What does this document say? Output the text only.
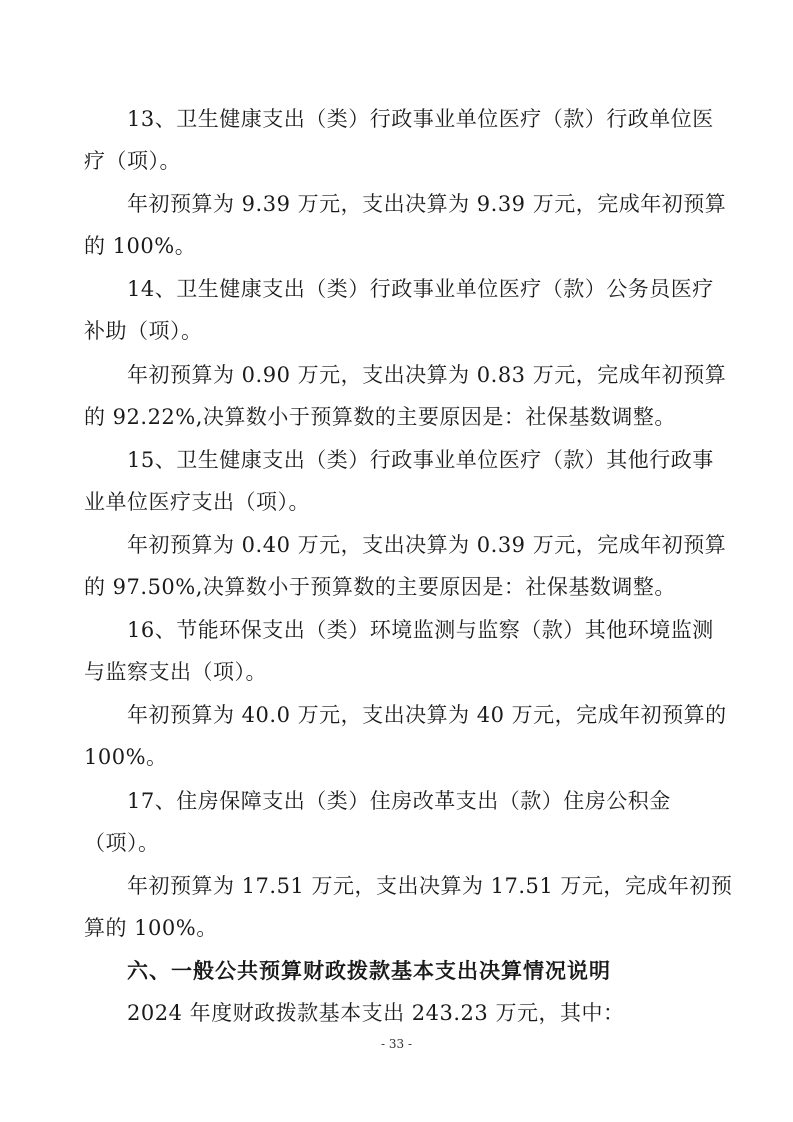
13、卫生健康支出（类）行政事业单位医疗（款）行政单位医
疗（项）。
年初预算为 9.39 万元，支出决算为 9.39 万元，完成年初预算
的 100%。
14、卫生健康支出（类）行政事业单位医疗（款）公务员医疗
补助（项）。
年初预算为 0.90 万元，支出决算为 0.83 万元，完成年初预算
的 92.22%,决算数小于预算数的主要原因是：社保基数调整。
15、卫生健康支出（类）行政事业单位医疗（款）其他行政事
业单位医疗支出（项）。
年初预算为 0.40 万元，支出决算为 0.39 万元，完成年初预算
的 97.50%,决算数小于预算数的主要原因是：社保基数调整。
16、节能环保支出（类）环境监测与监察（款）其他环境监测
与监察支出（项）。
年初预算为 40.0 万元，支出决算为 40 万元，完成年初预算的
100%。
17、住房保障支出（类）住房改革支出（款）住房公积金
（项）。
年初预算为 17.51 万元，支出决算为 17.51 万元，完成年初预
算的 100%。
六、一般公共预算财政拨款基本支出决算情况说明
2024 年度财政拨款基本支出 243.23 万元，其中：
- 33 -
